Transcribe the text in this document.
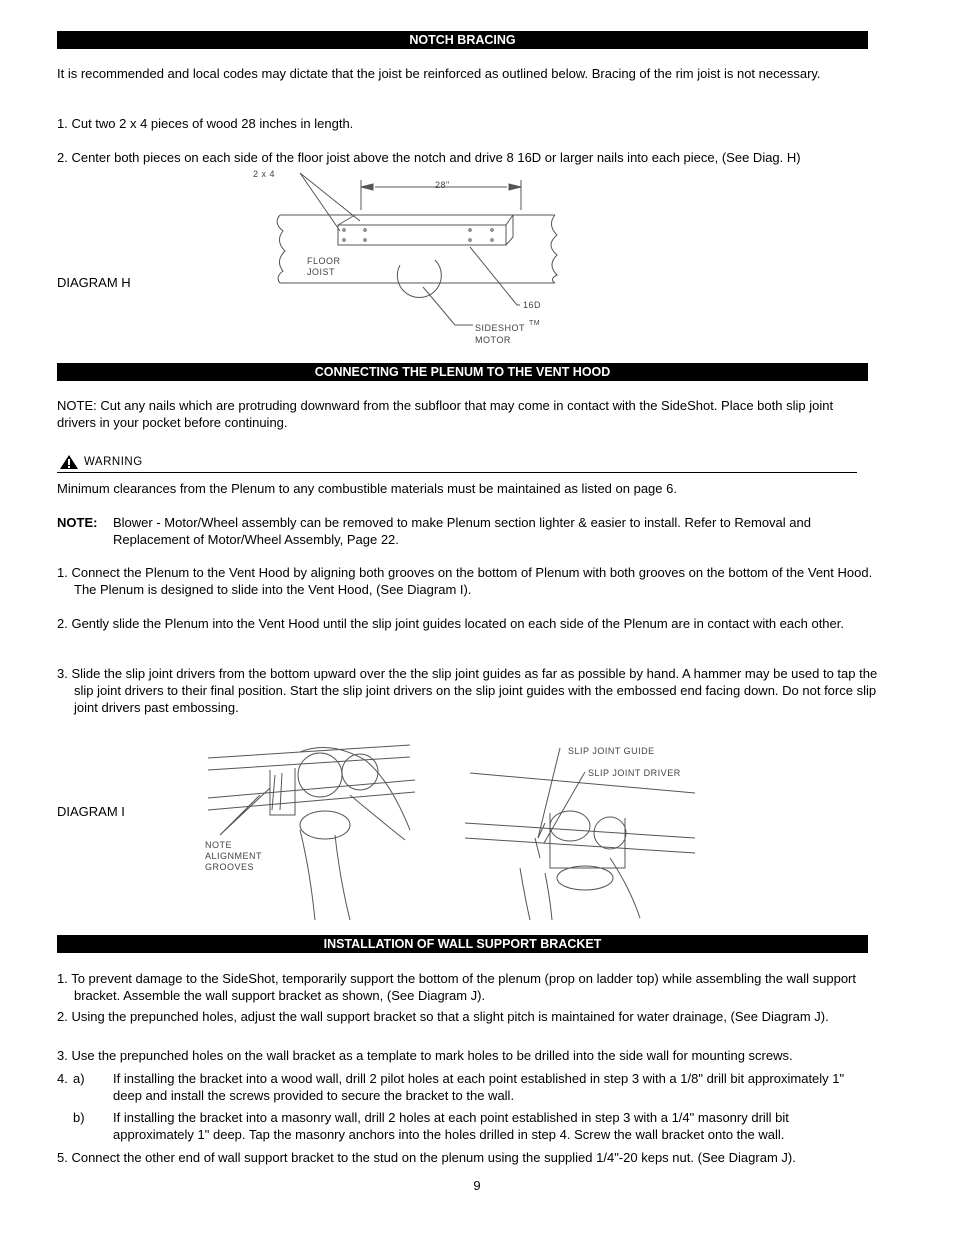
NOTCH BRACING
It is recommended and local codes may dictate that the joist be reinforced as outlined below. Bracing of the rim joist is not necessary.
1. Cut two 2 x 4 pieces of wood 28 inches in length.
2. Center both pieces on each side of the floor joist above the notch and drive 8 16D or larger nails into each piece, (See Diag. H)
DIAGRAM H
2 x 4
28"
FLOOR
JOIST
16D
SIDESHOT TM
MOTOR
CONNECTING THE PLENUM TO THE VENT HOOD
NOTE: Cut any nails which are protruding downward from the subfloor that may come in contact with the SideShot. Place both slip joint drivers in your pocket before continuing.
WARNING
Minimum clearances from the Plenum to any combustible materials must be maintained as listed on page 6.
NOTE: Blower - Motor/Wheel assembly can be removed to make Plenum section lighter & easier to install. Refer to Removal and Replacement of Motor/Wheel Assembly, Page 22.
1. Connect the Plenum to the Vent Hood by aligning both grooves on the bottom of Plenum with both grooves on the bottom of the Vent Hood. The Plenum is designed to slide into the Vent Hood, (See Diagram I).
2. Gently slide the Plenum into the Vent Hood until the slip joint guides located on each side of the Plenum are in contact with each other.
3. Slide the slip joint drivers from the bottom upward over the the slip joint guides as far as possible by hand. A hammer may be used to tap the slip joint drivers to their final position. Start the slip joint drivers on the slip joint guides with the embossed end facing down. Do not force slip joint drivers past embossing.
DIAGRAM I
NOTE
ALIGNMENT
GROOVES
SLIP JOINT GUIDE
SLIP JOINT DRIVER
INSTALLATION OF WALL SUPPORT BRACKET
1. To prevent damage to the SideShot, temporarily support the bottom of the plenum (prop on ladder top) while assembling the wall support bracket. Assemble the wall support bracket as shown, (See Diagram J).
2. Using the prepunched holes, adjust the wall support bracket so that a slight pitch is maintained for water drainage, (See Diagram J).
3. Use the prepunched holes on the wall bracket as a template to mark holes to be drilled into the side wall for mounting screws.
4. a) If installing the bracket into a wood wall, drill 2 pilot holes at each point established in step 3 with a 1/8" drill bit approximately 1" deep and install the screws provided to secure the bracket to the wall.
b) If installing the bracket into a masonry wall, drill 2 holes at each point established in step 3 with a 1/4" masonry drill bit approximately 1" deep. Tap the masonry anchors into the holes drilled in step 4. Screw the wall bracket onto the wall.
5. Connect the other end of wall support bracket to the stud on the plenum using the supplied 1/4"-20 keps nut. (See Diagram J).
9
